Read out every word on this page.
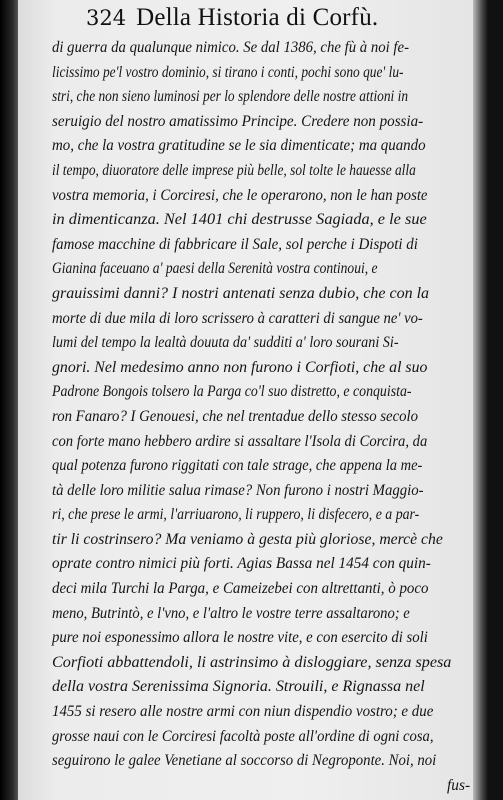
324 Della Historia di Corfù.
di guerra da qualunque nimico. Se dal 1386, che fù à noi fe-
licissimo pe'l vostro dominio, si tirano i conti, pochi sono que' lu-
stri, che non sieno luminosi per lo splendore delle nostre attioni in
seruigio del nostro amatissimo Principe. Credere non possia-
mo, che la vostra gratitudine se le sia dimenticate; ma quando
il tempo, diuoratore delle imprese più belle, sol tolte le hauesse alla
vostra memoria, i Corciresi, che le operarono, non le han poste
in dimenticanza. Nel 1401 chi destrusse Sagiada, e le sue
famose macchine di fabbricare il Sale, sol perche i Dispoti di
Gianina faceuano a' paesi della Serenità vostra continoui, e
grauissimi danni? I nostri antenati senza dubio, che con la
morte di due mila di loro scrissero à caratteri di sangue ne' vo-
lumi del tempo la lealtà douuta da' sudditi a' loro sourani Si-
gnori. Nel medesimo anno non furono i Corfioti, che al suo
Padrone Bongois tolsero la Parga co'l suo distretto, e conquista-
ron Fanaro? I Genouesi, che nel trentadue dello stesso secolo
con forte mano hebbero ardire si assaltare l'Isola di Corcira, da
qual potenza furono riggitati con tale strage, che appena la me-
tà delle loro militie salua rimase? Non furono i nostri Maggio-
ri, che prese le armi, l'arriuarono, li ruppero, li disfecero, e a par-
tir li costrinsero? Ma veniamo à gesta più gloriose, mercè che
oprate contro nimici più forti. Agias Bassa nel 1454 con quin-
deci mila Turchi la Parga, e Cameizebei con altrettanti, ò poco
meno, Butrintò, e l'vno, e l'altro le vostre terre assaltarono; e
pure noi esponessimo allora le nostre vite, e con esercito di soli
Corfioti abbattendoli, li astrinsimo à disloggiare, senza spesa
della vostra Serenissima Signoria. Strouili, e Rignassa nel
1455 si resero alle nostre armi con niun dispendio vostro; e due
grosse naui con le Corciresi facoltà poste all'ordine di ogni cosa,
seguirono le galee Venetiane al soccorso di Negroponte. Noi, noi
fus-
